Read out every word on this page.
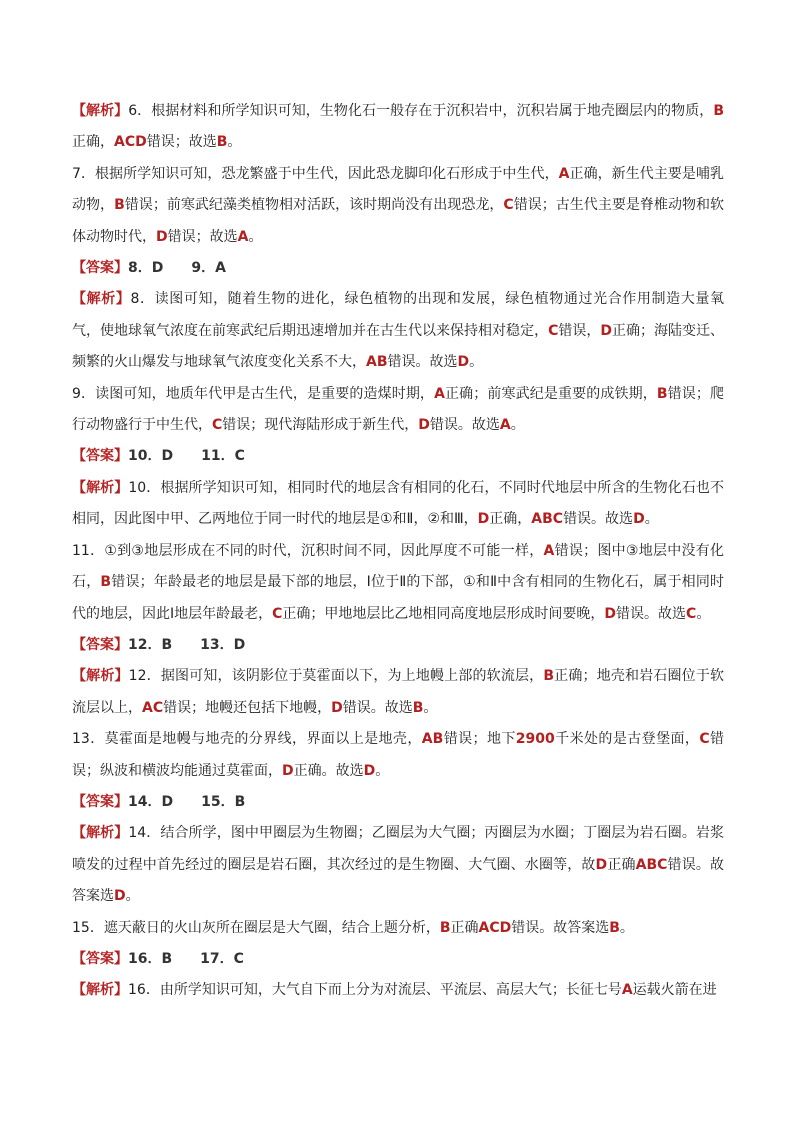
【解析】6．根据材料和所学知识可知，生物化石一般存在于沉积岩中，沉积岩属于地壳圈层内的物质，B正确，ACD错误；故选B。

7．根据所学知识可知，恐龙繁盛于中生代，因此恐龙脚印化石形成于中生代，A正确，新生代主要是哺乳动物，B错误；前寒武纪藻类植物相对活跃，该时期尚没有出现恐龙，C错误；古生代主要是脊椎动物和软体动物时代，D错误；故选A。

【答案】8．D　　9．A

【解析】8．读图可知，随着生物的进化，绿色植物的出现和发展，绿色植物通过光合作用制造大量氧气，使地球氧气浓度在前寒武纪后期迅速增加并在古生代以来保持相对稳定，C错误，D正确；海陆变迁、频繁的火山爆发与地球氧气浓度变化关系不大，AB错误。故选D。

9．读图可知，地质年代甲是古生代，是重要的造煤时期，A正确；前寒武纪是重要的成铁期，B错误；爬行动物盛行于中生代，C错误；现代海陆形成于新生代，D错误。故选A。

【答案】10．D　　11．C

【解析】10．根据所学知识可知，相同时代的地层含有相同的化石，不同时代地层中所含的生物化石也不相同，因此图中甲、乙两地位于同一时代的地层是①和Ⅱ，②和Ⅲ，D正确，ABC错误。故选D。

11．①到③地层形成在不同的时代，沉积时间不同，因此厚度不可能一样，A错误；图中③地层中没有化石，B错误；年龄最老的地层是最下部的地层，Ⅰ位于Ⅱ的下部，①和Ⅱ中含有相同的生物化石，属于相同时代的地层，因此Ⅰ地层年龄最老，C正确；甲地地层比乙地相同高度地层形成时间要晚，D错误。故选C。

【答案】12．B　　13．D

【解析】12．据图可知，该阴影位于莫霍面以下，为上地幔上部的软流层，B正确；地壳和岩石圈位于软流层以上，AC错误；地幔还包括下地幔，D错误。故选B。

13．莫霍面是地幔与地壳的分界线，界面以上是地壳，AB错误；地下2900千米处的是古登堡面，C错误；纵波和横波均能通过莫霍面，D正确。故选D。

【答案】14．D　　15．B

【解析】14．结合所学，图中甲圈层为生物圈；乙圈层为大气圈；丙圈层为水圈；丁圈层为岩石圈。岩浆喷发的过程中首先经过的圈层是岩石圈，其次经过的是生物圈、大气圈、水圈等，故D正确ABC错误。故答案选D。

15．遮天蔽日的火山灰所在圈层是大气圈，结合上题分析，B正确ACD错误。故答案选B。

【答案】16．B　　17．C

【解析】16．由所学知识可知，大气自下而上分为对流层、平流层、高层大气；长征七号A运载火箭在进
